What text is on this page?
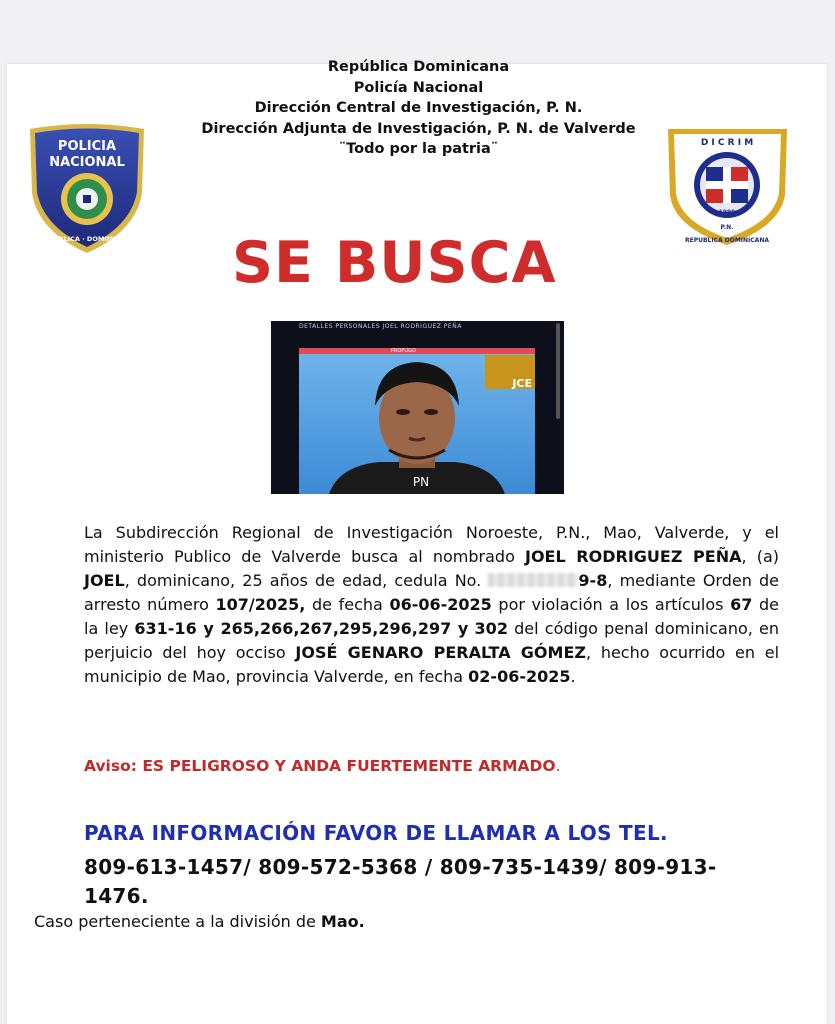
República Dominicana
Policía Nacional
Dirección Central de Investigación, P. N.
Dirección Adjunta de Investigación, P. N. de Valverde
¨Todo por la patria¨
POLICIA
NACIONAL
REPUBLICA · DOMINICANA
D I C R I M
1999
P.N.
REPUBLICA DOMINICANA
SE BUSCA
DETALLES PERSONALES JOEL RODRIGUEZ PEÑA
PROFUGO
JCE
PN
La Subdirección Regional de Investigación Noroeste, P.N., Mao, Valverde, y el ministerio Publico de Valverde busca al nombrado JOEL RODRIGUEZ PEÑA, (a) JOEL, dominicano, 25 años de edad, cedula No.	9-8, mediante Orden de arresto número 107/2025, de fecha 06-06-2025 por violación a los artículos 67 de la ley 631-16 y 265,266,267,295,296,297 y 302 del código penal dominicano, en perjuicio del hoy occiso JOSÉ GENARO PERALTA GÓMEZ, hecho ocurrido en el municipio de Mao, provincia Valverde, en fecha 02-06-2025.
Aviso: ES PELIGROSO Y ANDA FUERTEMENTE ARMADO.
PARA INFORMACIÓN FAVOR DE LLAMAR A LOS TEL.
809-613-1457/ 809-572-5368 / 809-735-1439/ 809-913-1476.
Caso perteneciente a la división de Mao.
